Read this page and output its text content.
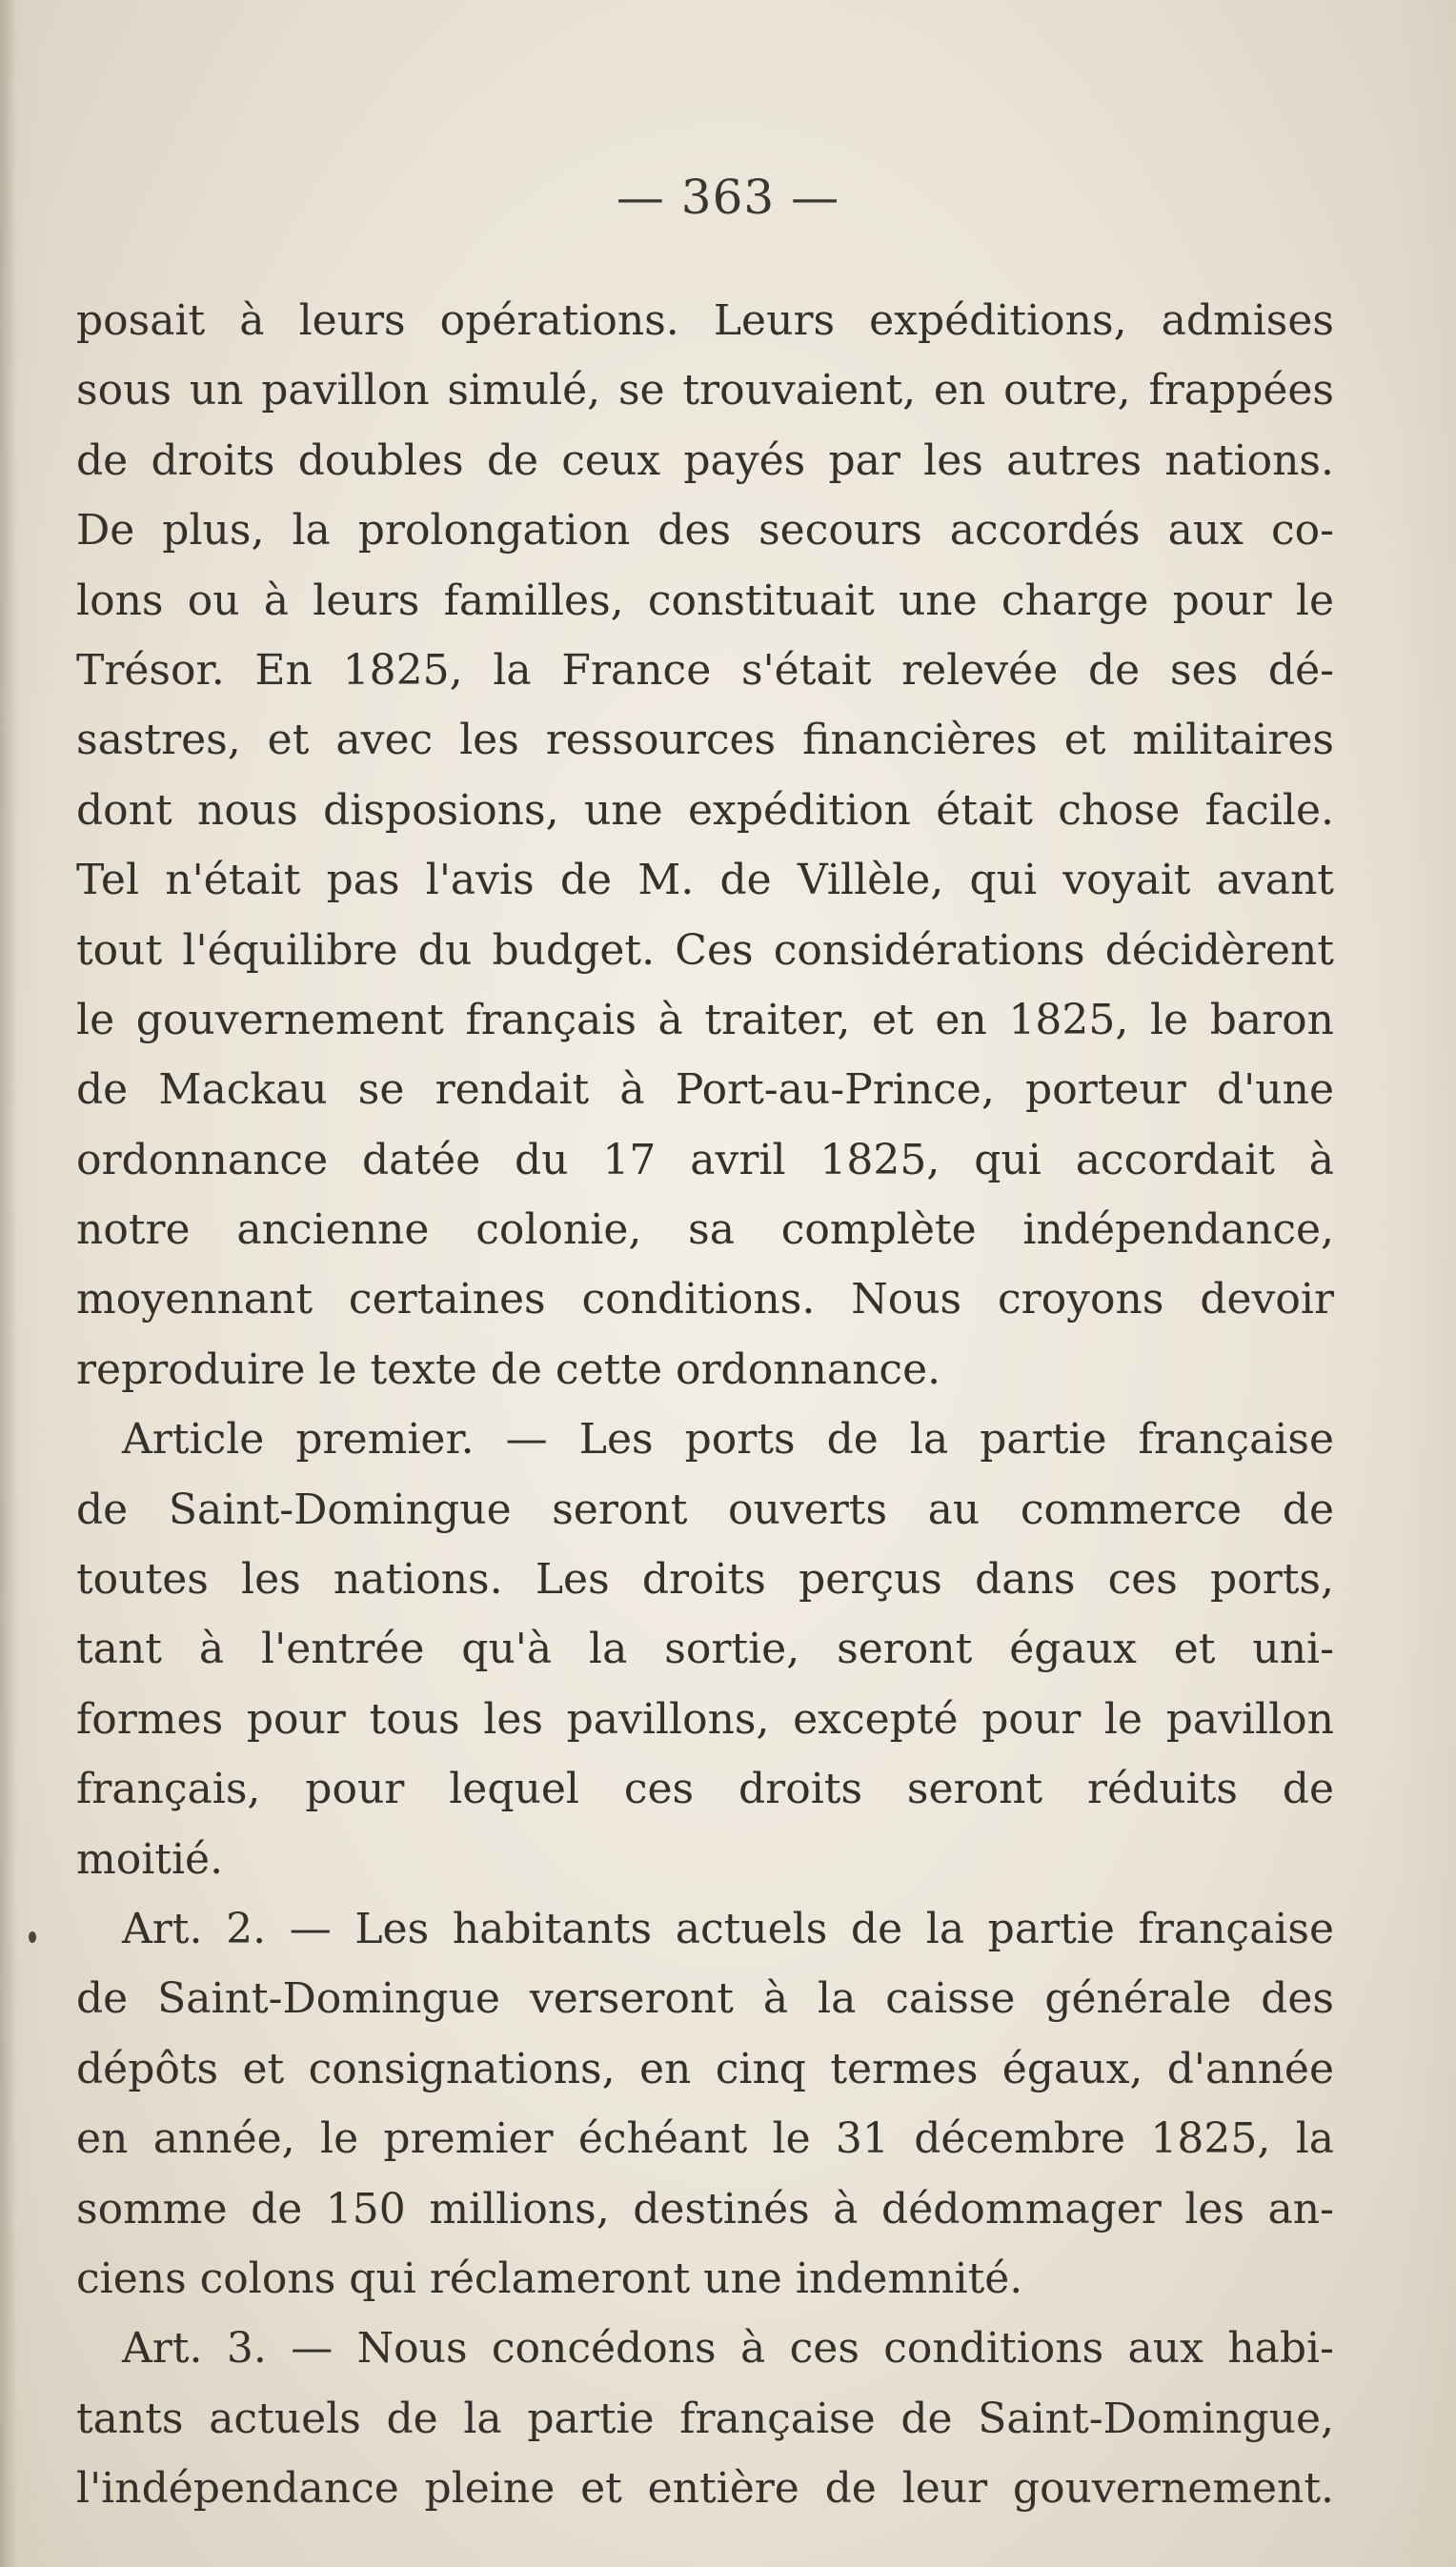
— 363 —
posait à leurs opérations. Leurs expéditions, admises
sous un pavillon simulé, se trouvaient, en outre, frappées
de droits doubles de ceux payés par les autres nations.
De plus, la prolongation des secours accordés aux co-
lons ou à leurs familles, constituait une charge pour le
Trésor. En 1825, la France s'était relevée de ses dé-
sastres, et avec les ressources financières et militaires
dont nous disposions, une expédition était chose facile.
Tel n'était pas l'avis de M. de Villèle, qui voyait avant
tout l'équilibre du budget. Ces considérations décidèrent
le gouvernement français à traiter, et en 1825, le baron
de Mackau se rendait à Port-au-Prince, porteur d'une
ordonnance datée du 17 avril 1825, qui accordait à
notre ancienne colonie, sa complète indépendance,
moyennant certaines conditions. Nous croyons devoir
reproduire le texte de cette ordonnance.
Article premier. — Les ports de la partie française
de Saint-Domingue seront ouverts au commerce de
toutes les nations. Les droits perçus dans ces ports,
tant à l'entrée qu'à la sortie, seront égaux et uni-
formes pour tous les pavillons, excepté pour le pavillon
français, pour lequel ces droits seront réduits de
moitié.
Art. 2. — Les habitants actuels de la partie française
de Saint-Domingue verseront à la caisse générale des
dépôts et consignations, en cinq termes égaux, d'année
en année, le premier échéant le 31 décembre 1825, la
somme de 150 millions, destinés à dédommager les an-
ciens colons qui réclameront une indemnité.
Art. 3. — Nous concédons à ces conditions aux habi-
tants actuels de la partie française de Saint-Domingue,
l'indépendance pleine et entière de leur gouvernement.
